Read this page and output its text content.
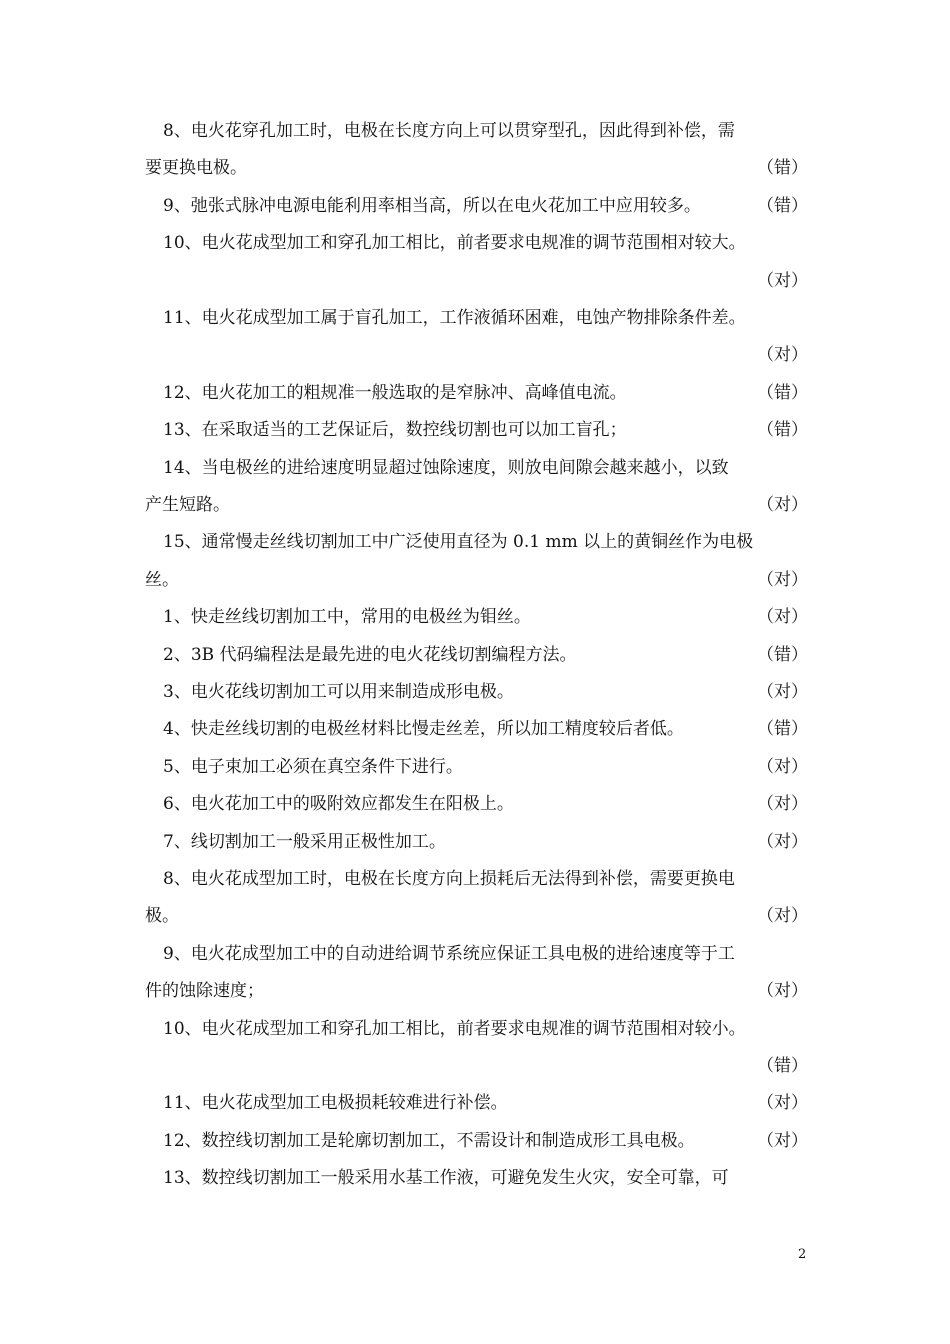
8、电火花穿孔加工时，电极在长度方向上可以贯穿型孔，因此得到补偿，需
要更换电极。	（错）
9、弛张式脉冲电源电能利用率相当高，所以在电火花加工中应用较多。	（错）
10、电火花成型加工和穿孔加工相比，前者要求电规准的调节范围相对较大。
（对）
11、电火花成型加工属于盲孔加工，工作液循环困难，电蚀产物排除条件差。
（对）
12、电火花加工的粗规准一般选取的是窄脉冲、高峰值电流。	（错）
13、在采取适当的工艺保证后，数控线切割也可以加工盲孔；	（错）
14、当电极丝的进给速度明显超过蚀除速度，则放电间隙会越来越小，以致
产生短路。	（对）
15、通常慢走丝线切割加工中广泛使用直径为 0.1 mm 以上的黄铜丝作为电极
丝。	（对）
1、快走丝线切割加工中，常用的电极丝为钼丝。	（对）
2、3B 代码编程法是最先进的电火花线切割编程方法。	（错）
3、电火花线切割加工可以用来制造成形电极。	（对）
4、快走丝线切割的电极丝材料比慢走丝差，所以加工精度较后者低。	（错）
5、电子束加工必须在真空条件下进行。	（对）
6、电火花加工中的吸附效应都发生在阳极上。	（对）
7、线切割加工一般采用正极性加工。	（对）
8、电火花成型加工时，电极在长度方向上损耗后无法得到补偿，需要更换电
极。	（对）
9、电火花成型加工中的自动进给调节系统应保证工具电极的进给速度等于工
件的蚀除速度；	（对）
10、电火花成型加工和穿孔加工相比，前者要求电规准的调节范围相对较小。
（错）
11、电火花成型加工电极损耗较难进行补偿。	（对）
12、数控线切割加工是轮廓切割加工，不需设计和制造成形工具电极。	（对）
13、数控线切割加工一般采用水基工作液，可避免发生火灾，安全可靠，可
2
